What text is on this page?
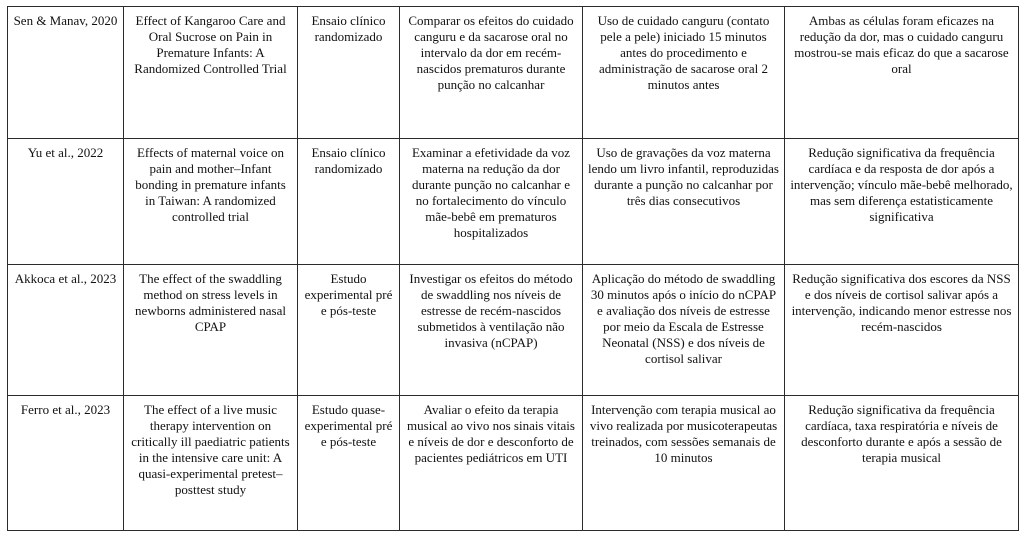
Sen & Manav, 2020	Effect of Kangaroo Care and Oral Sucrose on Pain in Premature Infants: A Randomized Controlled Trial	Ensaio clínico randomizado	Comparar os efeitos do cuidado canguru e da sacarose oral no intervalo da dor em recém-nascidos prematuros durante punção no calcanhar	Uso de cuidado canguru (contato pele a pele) iniciado 15 minutos antes do procedimento e administração de sacarose oral 2 minutos antes	Ambas as células foram eficazes na redução da dor, mas o cuidado canguru mostrou-se mais eficaz do que a sacarose oral
Yu et al., 2022	Effects of maternal voice on pain and mother–Infant bonding in premature infants in Taiwan: A randomized controlled trial	Ensaio clínico randomizado	Examinar a efetividade da voz materna na redução da dor durante punção no calcanhar e no fortalecimento do vínculo mãe-bebê em prematuros hospitalizados	Uso de gravações da voz materna lendo um livro infantil, reproduzidas durante a punção no calcanhar por três dias consecutivos	Redução significativa da frequência cardíaca e da resposta de dor após a intervenção; vínculo mãe-bebê melhorado, mas sem diferença estatisticamente significativa
Akkoca et al., 2023	The effect of the swaddling method on stress levels in newborns administered nasal CPAP	Estudo experimental pré e pós-teste	Investigar os efeitos do método de swaddling nos níveis de estresse de recém-nascidos submetidos à ventilação não invasiva (nCPAP)	Aplicação do método de swaddling 30 minutos após o início do nCPAP e avaliação dos níveis de estresse por meio da Escala de Estresse Neonatal (NSS) e dos níveis de cortisol salivar	Redução significativa dos escores da NSS e dos níveis de cortisol salivar após a intervenção, indicando menor estresse nos recém-nascidos
Ferro et al., 2023	The effect of a live music therapy intervention on critically ill paediatric patients in the intensive care unit: A quasi-experimental pretest–posttest study	Estudo quase-experimental pré e pós-teste	Avaliar o efeito da terapia musical ao vivo nos sinais vitais e níveis de dor e desconforto de pacientes pediátricos em UTI	Intervenção com terapia musical ao vivo realizada por musicoterapeutas treinados, com sessões semanais de 10 minutos	Redução significativa da frequência cardíaca, taxa respiratória e níveis de desconforto durante e após a sessão de terapia musical
